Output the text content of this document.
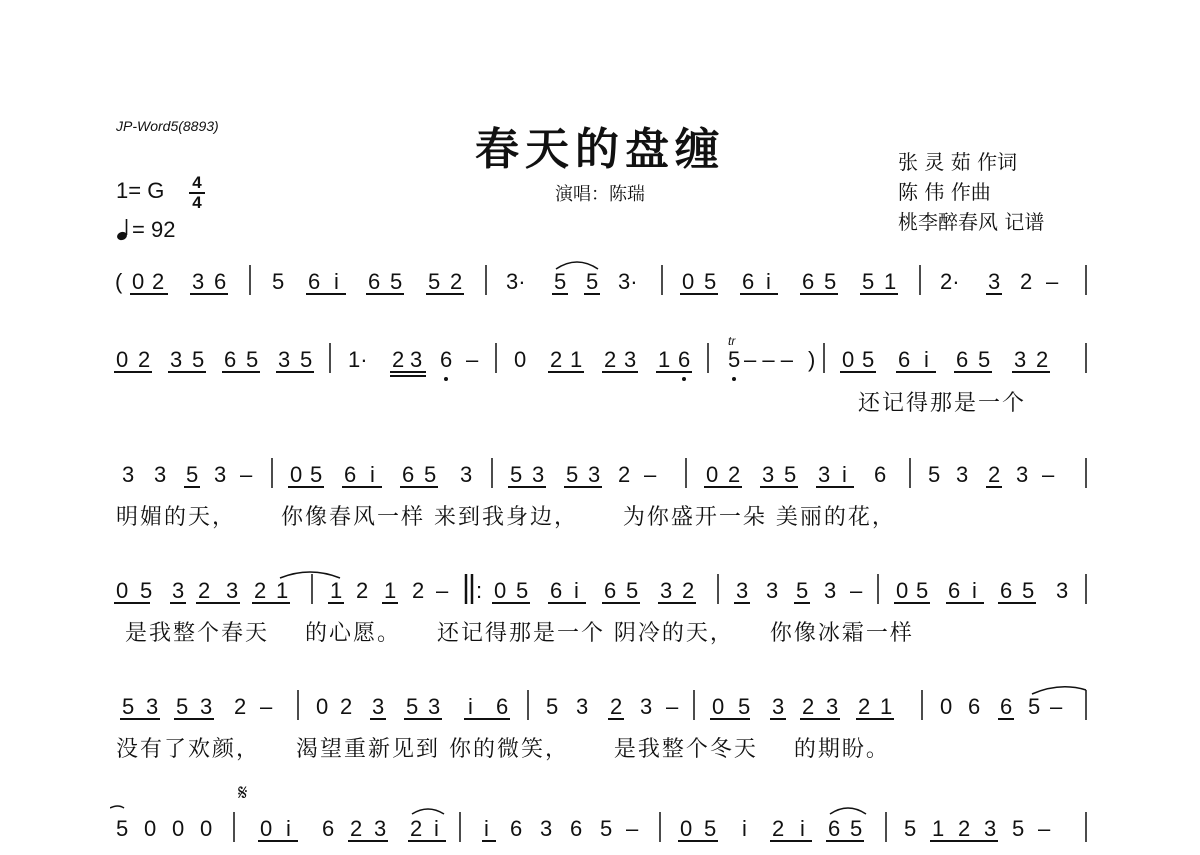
JP-Word5(8893)	春天的盘缠
演唱：陈瑞
张 灵 茹 作词
陈 伟 作曲
桃李醉春风 记谱
1= G 4
4
= 92
( 0 2 3 6 5 6 i 6 5 5 2 3· 5 5 3· 0 5 6 i 6 5 5 1 2· 3 2 –
0 2 3 5 6 5 3 5 1· 2 3 6 – 0 2 1 2 3 1 6
tr
5 – – – ) 0 5 6 i 6 5 3 2
还记得那是一个
3 3 5 3 – 0 5 6 i 6 5 3 5 3 5 3 2 – 0 2 3 5 3 i 6 5 3 2 3 –
明媚的天，     你像春风一样 来到我身边，     为你盛开一朵 美丽的花，
0 5 3 2 3 2 1 1 2 1 2 – : 0 5 6 i 6 5 3 2 3 3 5 3 – 0 5 6 i 6 5 3
是我整个春天    的心愿。    还记得那是一个 阴冷的天，    你像冰霜一样
5 3 5 3 2 – 0 2 3 5 3 i 6 5 3 2 3 – 0 5 3 2 3 2 1 0 6 6 5 –
没有了欢颜，    渴望重新见到 你的微笑，     是我整个冬天    的期盼。
5 0 0 0
𝄋
0 i 6 2 3 2 i i 6 3 6 5 – 0 5 i 2 i 6 5 5 1 2 3 5 –
